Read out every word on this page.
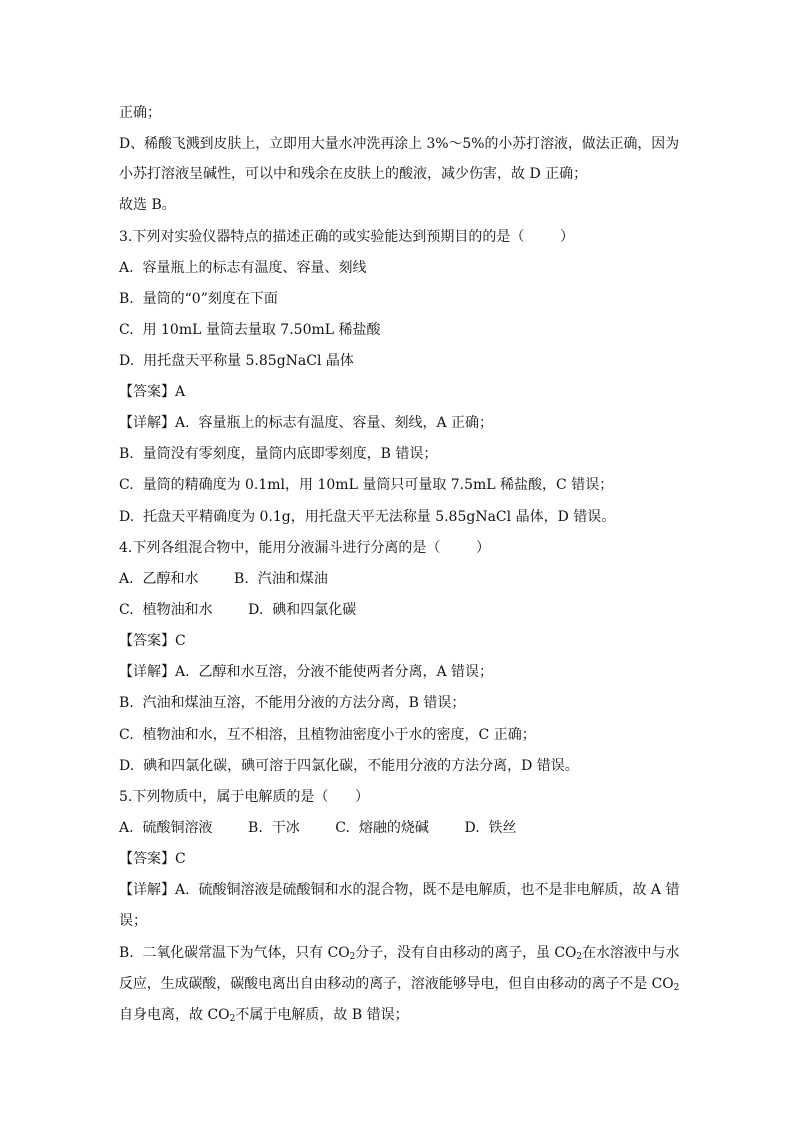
正确；
D、稀酸飞溅到皮肤上，立即用大量水冲洗再涂上 3%～5%的小苏打溶液，做法正确，因为
小苏打溶液呈碱性，可以中和残余在皮肤上的酸液，减少伤害，故 D 正确；
故选 B。
3.下列对实验仪器特点的描述正确的或实验能达到预期目的的是（        ）
A.  容量瓶上的标志有温度、容量、刻线
B.  量筒的“0”刻度在下面
C.  用 10mL 量筒去量取 7.50mL 稀盐酸
D.  用托盘天平称量 5.85gNaCl 晶体
【答案】A
【详解】A.  容量瓶上的标志有温度、容量、刻线，A 正确；
B.  量筒没有零刻度，量筒内底即零刻度，B 错误；
C.  量筒的精确度为 0.1ml，用 10mL 量筒只可量取 7.5mL 稀盐酸，C 错误；
D.  托盘天平精确度为 0.1g，用托盘天平无法称量 5.85gNaCl 晶体，D 错误。
4.下列各组混合物中，能用分液漏斗进行分离的是（        ）
A.  乙醇和水        B.  汽油和煤油
C.  植物油和水        D.  碘和四氯化碳
【答案】C
【详解】A.  乙醇和水互溶，分液不能使两者分离，A 错误；
B.  汽油和煤油互溶，不能用分液的方法分离，B 错误；
C.  植物油和水，互不相溶，且植物油密度小于水的密度，C 正确；
D.  碘和四氯化碳，碘可溶于四氯化碳，不能用分液的方法分离，D 错误。
5.下列物质中，属于电解质的是（      ）
A.  硫酸铜溶液        B.  干冰        C.  熔融的烧碱        D.  铁丝
【答案】C
【详解】A.  硫酸铜溶液是硫酸铜和水的混合物，既不是电解质，也不是非电解质，故 A 错
误；
B.  二氧化碳常温下为气体，只有 $CO_2$分子，没有自由移动的离子，虽 $CO_2$在水溶液中与水
反应，生成碳酸，碳酸电离出自由移动的离子，溶液能够导电，但自由移动的离子不是 $CO_2$
自身电离，故 $CO_2$不属于电解质，故 B 错误；
